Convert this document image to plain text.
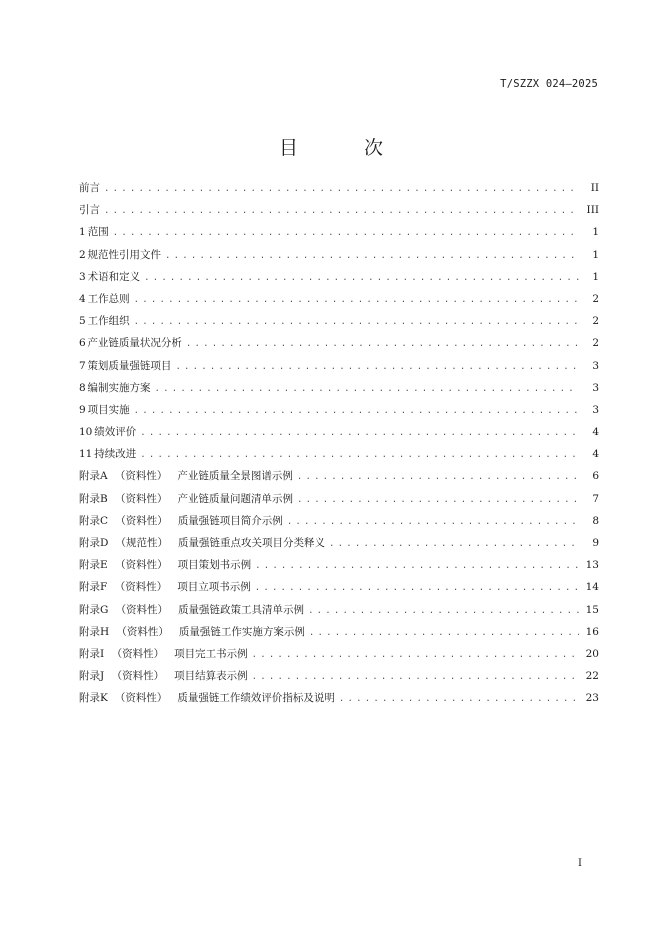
T/SZZX 024—2025
目 次
前言 .....	II
引言 .....	III
1 范围 .....	1
2 规范性引用文件 .....	1
3 术语和定义 .....	1
4 工作总则 .....	2
5 工作组织 .....	2
6 产业链质量状况分析 .....	2
7 策划质量强链项目 .....	3
8 编制实施方案 .....	3
9 项目实施 .....	3
10 绩效评价 .....	4
11 持续改进 .....	4
附录A （资料性） 产业链质量全景图谱示例 .....	6
附录B （资料性） 产业链质量问题清单示例 .....	7
附录C （资料性） 质量强链项目简介示例 .....	8
附录D （规范性） 质量强链重点攻关项目分类释义 .....	9
附录E （资料性） 项目策划书示例 .....	13
附录F （资料性） 项目立项书示例 .....	14
附录G （资料性） 质量强链政策工具清单示例 .....	15
附录H （资料性） 质量强链工作实施方案示例 .....	16
附录I （资料性） 项目完工书示例 .....	20
附录J （资料性） 项目结算表示例 .....	22
附录K （资料性） 质量强链工作绩效评价指标及说明 .....	23
I
